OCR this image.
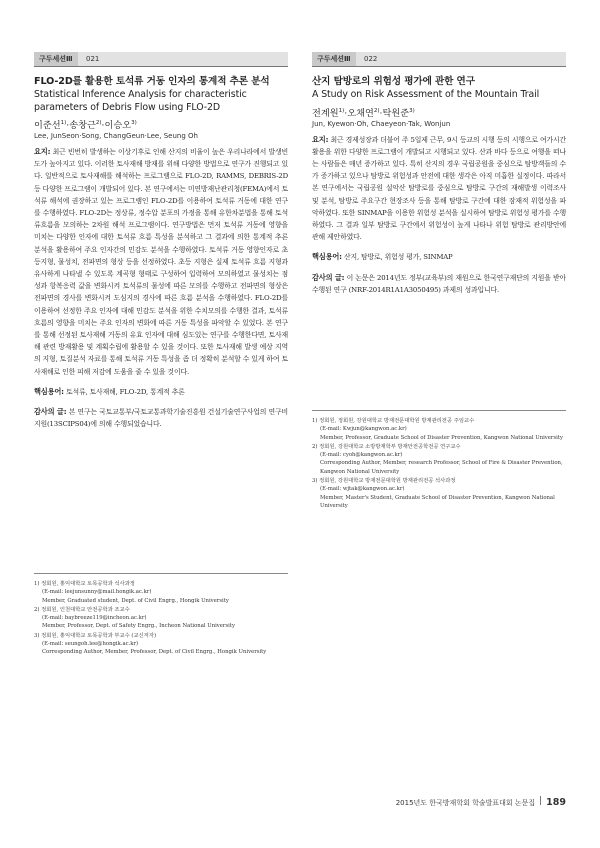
구두세션Ⅲ	021
FLO-2D를 활용한 토석류 거동 인자의 통계적 추론 분석
Statistical Inference Analysis for characteristic parameters of Debris Flow using FLO-2D
이준선$^{1)}$·송창근$^{2)}$·이승오$^{3)}$
Lee, JunSeon·Song, ChangGeun·Lee, Seung Oh

요지: 최근 빈번히 발생하는 이상기후로 인해 산지의 비율이 높은 우리나라에서 발생빈도가 높아지고 있다. 이러한 토사재해 방재를 위해 다양한 방법으로 연구가 진행되고 있다. 일반적으로 토사재해를 해석하는 프로그램으로 FLO-2D, RAMMS, DEBRIS-2D 등 다양한 프로그램이 개발되어 있다. 본 연구에서는 미연방재난관리청(FEMA)에서 토석류 해석에 권장하고 있는 프로그램인 FLO-2D를 이용하여 토석류 거동에 대한 연구를 수행하였다. FLO-2D는 정상류, 정수압 분포의 가정을 통해 유한차분법을 통해 토석류흐름을 모의하는 2차원 해석 프로그램이다. 연구방법은 먼저 토석류 거동에 영향을 미치는 다양한 인자에 대한 토석류 흐름 특성을 분석하고 그 결과에 의한 통계적 추론 분석을 활용하여 주요 인자간의 민감도 분석을 수행하였다. 토석류 거동 영향인자로 초등지형, 물성치, 전파면의 형상 등을 선정하였다. 초등 지형은 실제 토석류 흐름 지형과 유사하게 나타낼 수 있도록 계곡형 형태로 구성하여 입력하여 모의하였고 물성치는 점성과 항복응력 값을 변화시켜 토석류의 물성에 따른 모의를 수행하고 전파면의 형상은 전파면의 경사를 변화시켜 도심지의 경사에 따른 흐름 분석을 수행하였다. FLO-2D를 이용하여 선정한 주요 인자에 대해 민감도 분석을 위한 수치모의를 수행한 결과, 토석류 흐름의 영향을 미치는 주요 인자의 변화에 따른 거동 특성을 파악할 수 있었다. 본 연구를 통해 선정된 토사재해 거동의 유효 인자에 대해 심도있는 연구를 수행한다면, 토사재해 관련 방재활용 및 계획수립에 활용할 수 있을 것이다. 또한 토사재해 발생 예상 지역의 지형, 토질분석 자료를 통해 토석류 거동 특성을 좀 더 정확히 분석할 수 있게 하여 토사재해로 인한 피해 저감에 도움을 줄 수 있을 것이다.

핵심용어: 토석류, 토사재해, FLO-2D, 통계적 추론

감사의 글: 본 연구는 국토교통부/국토교통과학기술진흥원 건설기술연구사업의 연구비지원(13SCIPS04)에 의해 수행되었습니다.

1) 정회원, 홍익대학교 토목공학과 석사과정
(E-mail: leejunsunny@mail.hongik.ac.kr)
Member, Graduated student, Dept. of Civil Engrg., Hongik University
2) 정회원, 인천대학교 안전공학과 조교수
(E-mail: baybreeze119@incheon.ac.kr)
Member, Professor, Dept. of Safety Engrg., Incheon National University
3) 정회원, 홍익대학교 토목공학과 부교수 (교신저자)
(E-mail: seungoh.lee@hongik.ac.kr)
Corresponding Author, Member, Professor, Dept. of Civil Engrg., Hongik University
구두세션Ⅲ	022
산지 탐방로의 위험성 평가에 관한 연구
A Study on Risk Assessment of the Mountain Trail
전계원$^{1)}$·오채연$^{2)}$·탁원준$^{3)}$
Jun, Kyewon·Oh, Chaeyeon·Tak, Wonjun

요지: 최근 경제성장과 더불어 주 5일제 근무, 9시 등교의 시행 등의 시행으로 여가시간 활용을 위한 다양한 프로그램이 개발되고 시행되고 있다. 산과 바다 등으로 여행을 떠나는 사람들은 매년 증가하고 있다. 특히 산지의 경우 국립공원을 중심으로 탐방객들의 수가 증가하고 있으나 탐방로 위험성과 안전에 대한 생각은 아직 미흡한 실정이다. 따라서 본 연구에서는 국립공원 설악산 탐방로를 중심으로 탐방로 구간의 재해발생 이력조사 및 분석, 탐방로 주요구간 현장조사 등을 통해 탐방로 구간에 대한 잠재적 위험성을 파악하였다. 또한 SINMAP을 이용한 위험성 분석을 실시하여 탐방로 위험성 평가를 수행하였다. 그 결과 일부 탐방로 구간에서 위험성이 높게 나타나 위험 탐방로 관리방안에 관해 제안하였다.

핵심용어: 산지, 탐방로, 위험성 평가, SINMAP

감사의 글: 이 논문은 2014년도 정부(교육부)의 재원으로 한국연구재단의 지원을 받아 수행된 연구 (NRF-2014R1A1A3050495) 과제의 성과입니다.

1) 정회원, 정회원, 강원대학교 방재전문대학원 방재관리전공 주임교수
(E-mail: Kwjun@kangwon.ac.kr)
Member, Professor, Graduate School of Disaster Prevention, Kangwon National University
2) 정회원, 강원대학교 소방방재학부 방재안전공학전공 연구교수
(E-mail: cyoh@kangwon.ac.kr)
Corresponding Author, Member, research Professor, School of Fire & Disaster Prevention, Kangwon National University
3) 정회원, 강원대학교 방재전문대학원 방재관리전공 석사과정
(E-mail: wjtak@kangwon.ac.kr)
Member, Master's Student, Graduate School of Disaster Prevention, Kangwon National University
2015년도 한국방재학회 학술발표대회 논문집 189
